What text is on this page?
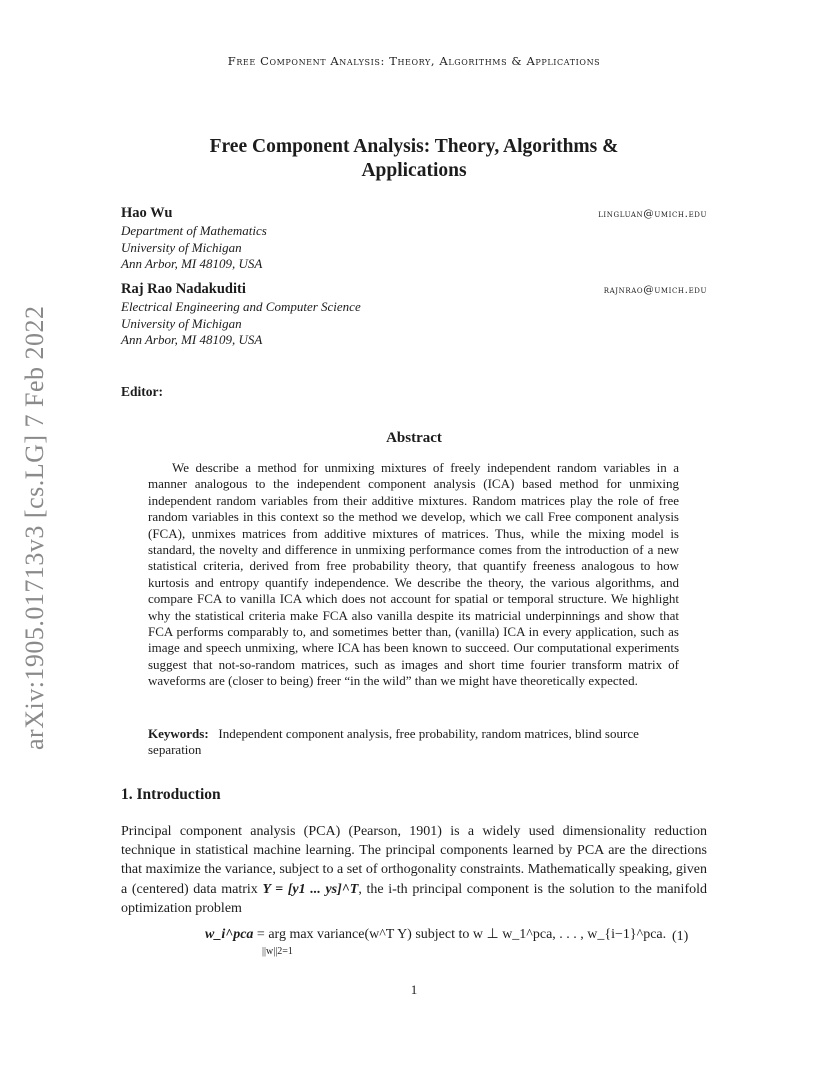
Free Component Analysis: Theory, Algorithms & Applications
arXiv:1905.01713v3 [cs.LG] 7 Feb 2022
Free Component Analysis: Theory, Algorithms &
Applications
Hao Wu	lingluan@umich.edu
Department of Mathematics
University of Michigan
Ann Arbor, MI 48109, USA
Raj Rao Nadakuditi	rajnrao@umich.edu
Electrical Engineering and Computer Science
University of Michigan
Ann Arbor, MI 48109, USA
Editor:
Abstract

We describe a method for unmixing mixtures of freely independent random variables in a manner analogous to the independent component analysis (ICA) based method for unmixing independent random variables from their additive mixtures. Random matrices play the role of free random variables in this context so the method we develop, which we call Free component analysis (FCA), unmixes matrices from additive mixtures of matrices. Thus, while the mixing model is standard, the novelty and difference in unmixing performance comes from the introduction of a new statistical criteria, derived from free probability theory, that quantify freeness analogous to how kurtosis and entropy quantify independence. We describe the theory, the various algorithms, and compare FCA to vanilla ICA which does not account for spatial or temporal structure. We highlight why the statistical criteria make FCA also vanilla despite its matricial underpinnings and show that FCA performs comparably to, and sometimes better than, (vanilla) ICA in every application, such as image and speech unmixing, where ICA has been known to succeed. Our computational experiments suggest that not-so-random matrices, such as images and short time fourier transform matrix of waveforms are (closer to being) freer “in the wild” than we might have theoretically expected.

Keywords: Independent component analysis, free probability, random matrices, blind source separation

1. Introduction

Principal component analysis (PCA) (Pearson, 1901) is a widely used dimensionality reduction technique in statistical machine learning. The principal components learned by PCA are the directions that maximize the variance, subject to a set of orthogonality constraints. Mathematically speaking, given a (centered) data matrix Y = [y1 ... ys]^T, the i-th principal component is the solution to the manifold optimization problem

w_i^pca = arg max variance(w^T Y) subject to w ⊥ w_1^pca, . . . , w_{i−1}^pca.
||w||2=1
(1)
1
